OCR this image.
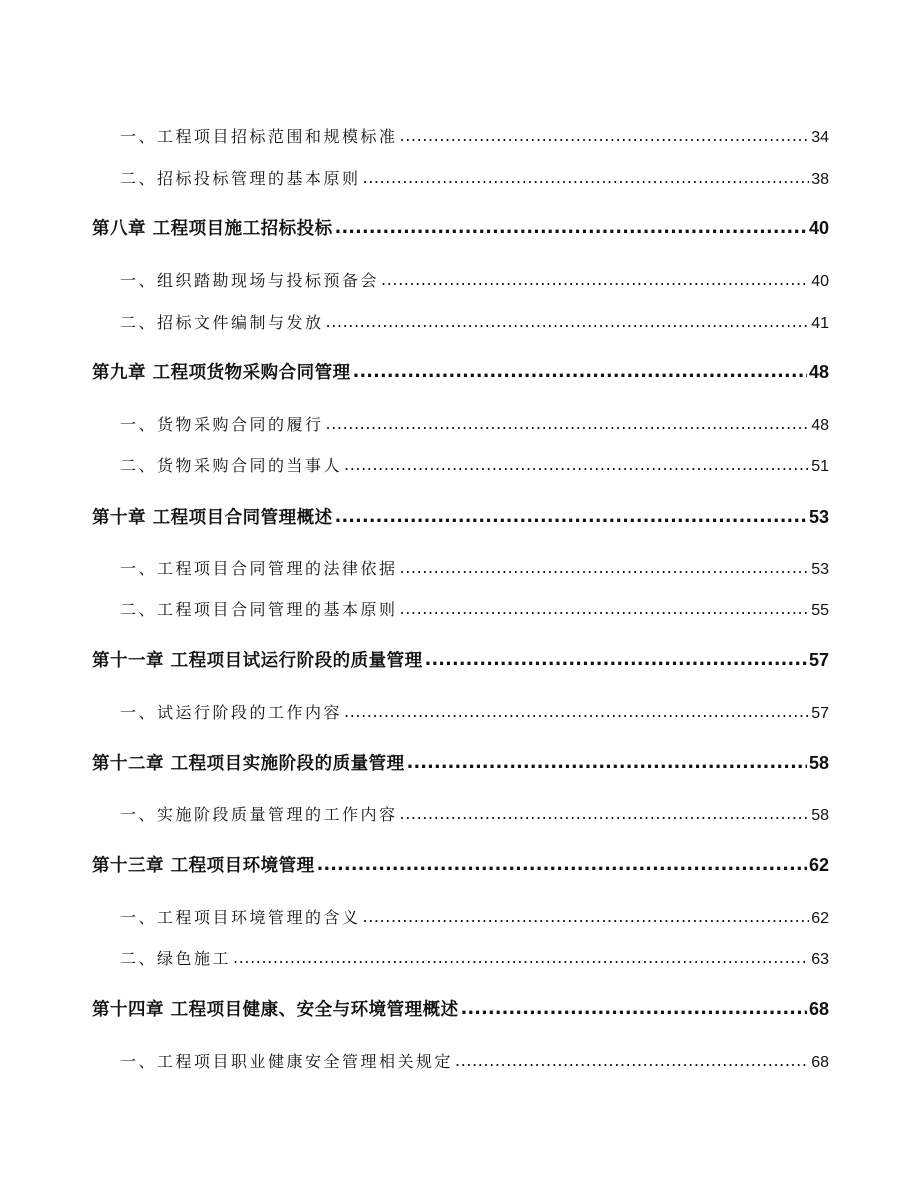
一、 工程项目招标范围和规模标准 .....	34
二、 招标投标管理的基本原则 .....	38
第八章 工程项目施工招标投标 .....	40
一、 组织踏勘现场与投标预备会 .....	40
二、 招标文件编制与发放 .....	41
第九章 工程项货物采购合同管理 .....	48
一、 货物采购合同的履行 .....	48
二、 货物采购合同的当事人 .....	51
第十章 工程项目合同管理概述 .....	53
一、 工程项目合同管理的法律依据 .....	53
二、 工程项目合同管理的基本原则 .....	55
第十一章 工程项目试运行阶段的质量管理 .....	57
一、 试运行阶段的工作内容 .....	57
第十二章 工程项目实施阶段的质量管理 .....	58
一、 实施阶段质量管理的工作内容 .....	58
第十三章 工程项目环境管理 .....	62
一、 工程项目环境管理的含义 .....	62
二、 绿色施工 .....	63
第十四章 工程项目健康、安全与环境管理概述 .....	68
一、 工程项目职业健康安全管理相关规定 .....	68
